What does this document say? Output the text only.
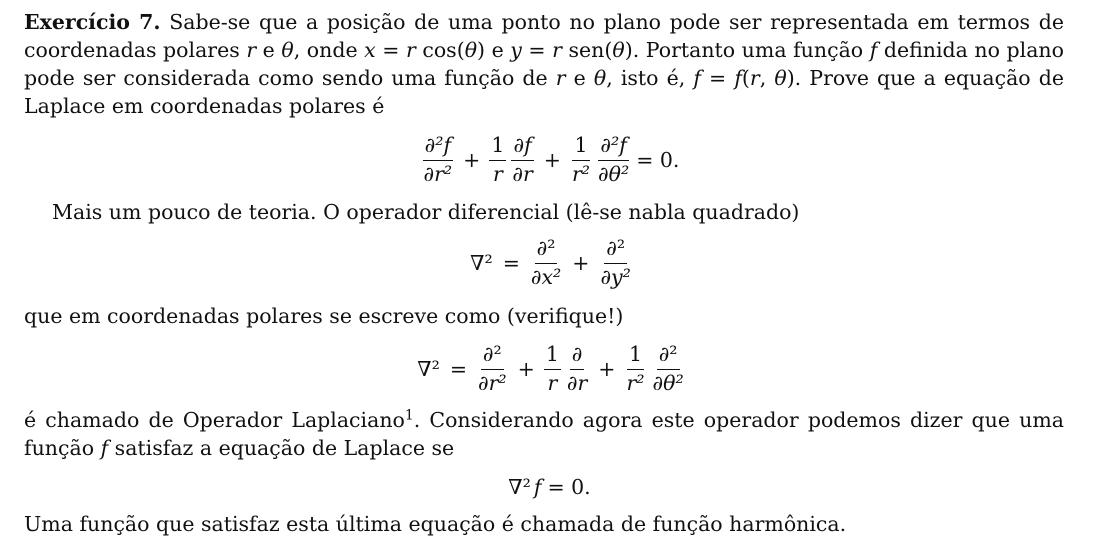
Exercício 7. Sabe-se que a posição de uma ponto no plano pode ser representada em termos de
coordenadas polares r e θ, onde x = r cos(θ) e y = r sen(θ). Portanto uma função f definida no plano
pode ser considerada como sendo uma função de r e θ, isto é, f = f(r, θ). Prove que a equação de
Laplace em coordenadas polares é
$\frac{\text{∂²f}}{\text{∂r²}} + \frac{1}{r} \frac{\partial f}{\partial r} + \frac{1}{\text{r²}} \frac{\text{∂²f}}{\text{∂θ²}} = 0$.
Mais um pouco de teoria. O operador diferencial (lê-se nabla quadrado)
$\nabla^2 = \frac{\text{∂²}}{\text{∂x²}} + \frac{\text{∂²}}{\text{∂y²}}$
que em coordenadas polares se escreve como (verifique!)
$\nabla^2 = \frac{\text{∂²}}{\text{∂r²}} + \frac{1}{r} \frac{\partial}{\partial r} + \frac{1}{\text{r²}} \frac{\text{∂²}}{\text{∂θ²}}$
é chamado de Operador Laplaciano$^1$. Considerando agora este operador podemos dizer que uma
função f satisfaz a equação de Laplace se
∇² f = 0.
Uma função que satisfaz esta última equação é chamada de função harmônica.
